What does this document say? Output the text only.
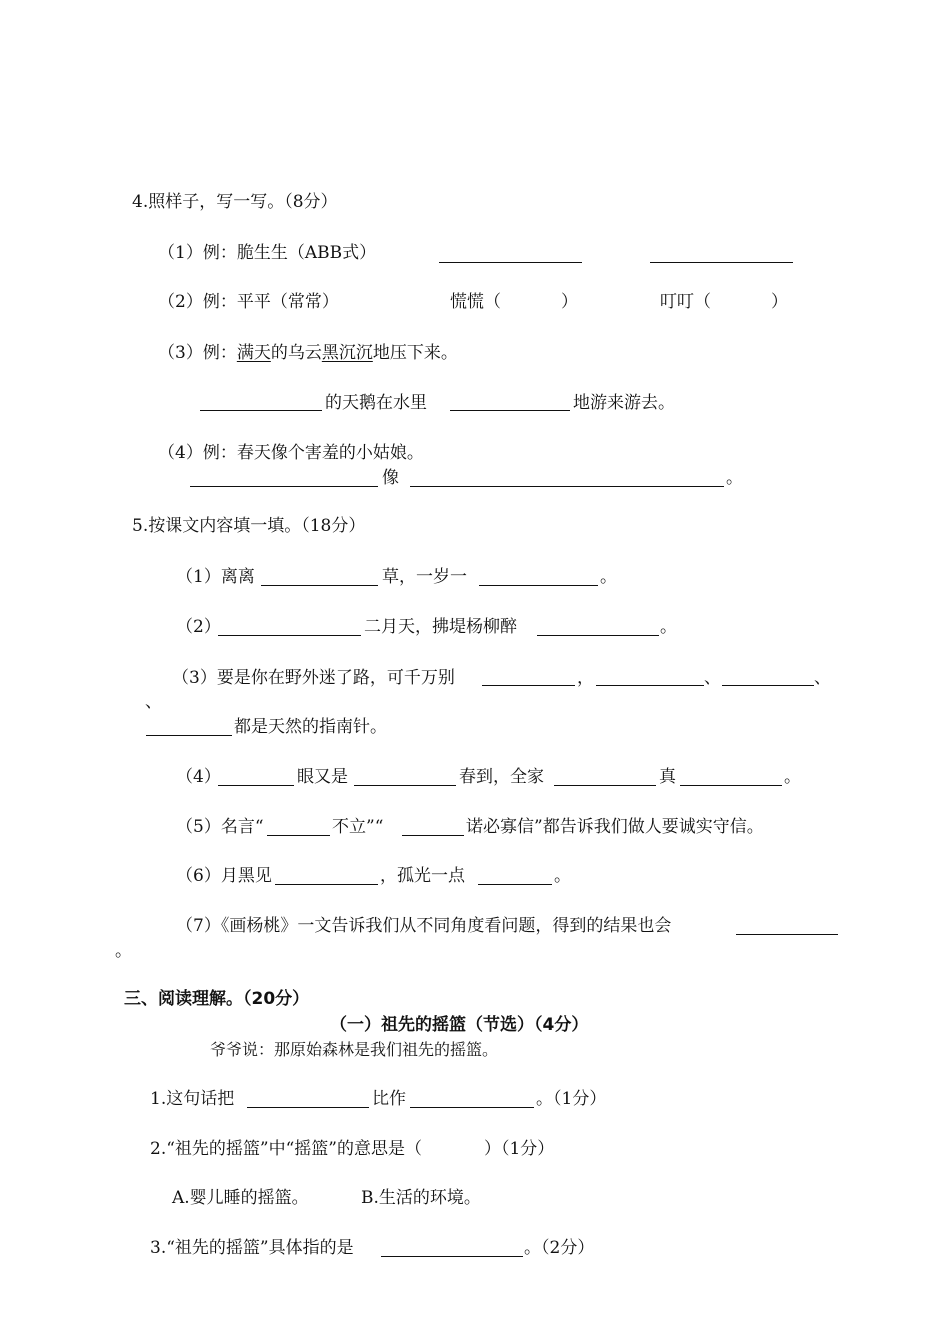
4.照样子，写一写。（8分）
（1）例：脆生生（ABB式）
（2）例：平平（常常）	慌慌（	）	叮叮（	）
（3）例：满天的乌云黑沉沉地压下来。
的天鹅在水里	地游来游去。
（4）例：春天像个害羞的小姑娘。
像	。
5.按课文内容填一填。（18分）
（1）离离	草，一岁一	。
（2）	二月天，拂堤杨柳醉	。
（3）要是你在野外迷了路，可千万别	，	、	、
、
都是天然的指南针。
（4）	眼又是	春到，全家	真	。
（5）名言“	不立”“	诺必寡信”都告诉我们做人要诚实守信。
（6）月黑见	，孤光一点	。
（7）《画杨桃》一文告诉我们从不同角度看问题，得到的结果也会
。
三、阅读理解。（20分）
（一）祖先的摇篮（节选）（4分）
爷爷说：那原始森林是我们祖先的摇篮。
1.这句话把	比作	。（1分）
2.“祖先的摇篮”中“摇篮”的意思是（	）（1分）
A.婴儿睡的摇篮。	B.生活的环境。
3.“祖先的摇篮”具体指的是	。（2分）
